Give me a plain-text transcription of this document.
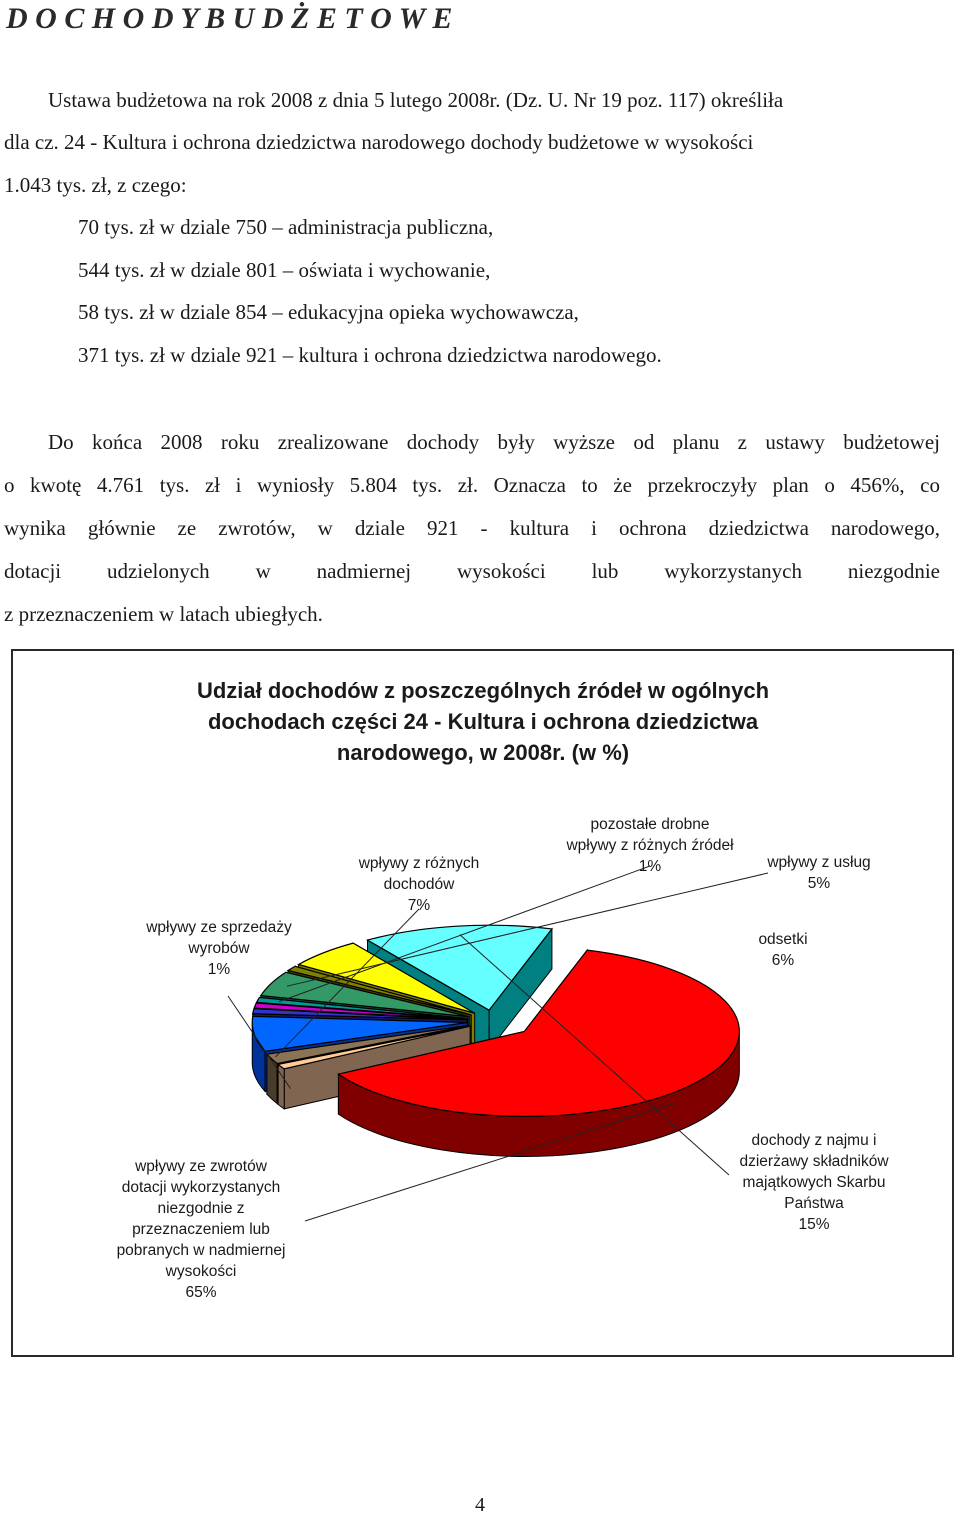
D O C H O D Y B U D Ż E T O W E
Ustawa budżetowa na rok 2008 z dnia 5 lutego 2008r. (Dz. U. Nr 19 poz. 117) określiła
dla cz. 24 - Kultura i ochrona dziedzictwa narodowego dochody budżetowe w wysokości
1.043 tys. zł, z czego:
70 tys. zł w dziale 750 – administracja publiczna,
544 tys. zł w dziale 801 – oświata i wychowanie,
58 tys. zł w dziale 854 – edukacyjna opieka wychowawcza,
371 tys. zł w dziale 921 – kultura i ochrona dziedzictwa narodowego.
Do końca 2008 roku zrealizowane dochody były wyższe od planu z ustawy budżetowej
o kwotę 4.761 tys. zł i wyniosły 5.804 tys. zł. Oznacza to że przekroczyły plan o 456%, co
wynika głównie ze zwrotów, w dziale 921 - kultura i ochrona dziedzictwa narodowego,
dotacji udzielonych w nadmiernej wysokości lub wykorzystanych niezgodnie
z przeznaczeniem w latach ubiegłych.
Udział dochodów z poszczególnych źródeł w ogólnych
dochodach części 24 - Kultura i ochrona dziedzictwa
narodowego, w 2008r. (w %)
wpływy ze sprzedaży
wyrobów
1%
wpływy z różnych
dochodów
7%
pozostałe drobne
wpływy z różnych źródeł
1%	wpływy z usług
5%
odsetki
6%
dochody z najmu i
dzierżawy składników
majątkowych Skarbu
Państwa
15%
wpływy ze zwrotów
dotacji wykorzystanych
niezgodnie z
przeznaczeniem lub
pobranych w nadmiernej
wysokości
65%
4
